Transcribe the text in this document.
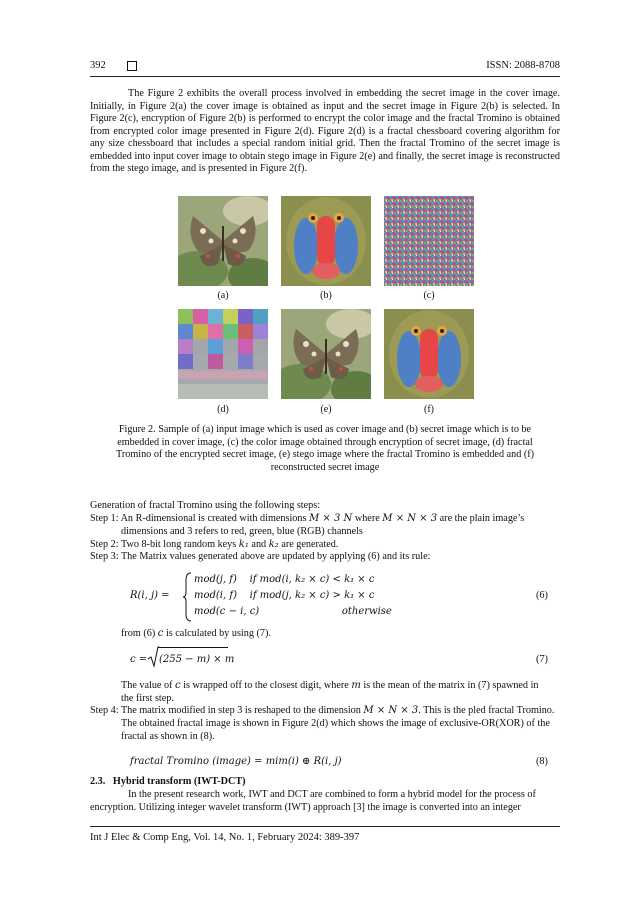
392	ISSN: 2088-8708

The Figure 2 exhibits the overall process involved in embedding the secret image in the cover image. Initially, in Figure 2(a) the cover image is obtained as input and the secret image in Figure 2(b) is selected. In Figure 2(c), encryption of Figure 2(b) is performed to encrypt the color image and the fractal Tromino is obtained from encrypted color image presented in Figure 2(d). Figure 2(d) is a fractal chessboard covering algorithm for any size chessboard that includes a special random initial grid. Then the fractal Tromino of the secret image is embedded into input cover image to obtain stego image in Figure 2(e) and finally, the secret image is reconstructed from the stego image, and is presented in Figure 2(f).

(a)	(b)	(c)
(d)	(e)	(f)
Figure 2. Sample of (a) input image which is used as cover image and (b) secret image which is to be
embedded in cover image, (c) the color image obtained through encryption of secret image, (d) fractal
Tromino of the encrypted secret image, (e) stego image where the fractal Tromino is embedded and (f)
reconstructed secret image
Generation of fractal Tromino using the following steps:
Step 1: An R-dimensional is created with dimensions M × 3 N where M × N × 3 are the plain image’s
dimensions and 3 refers to red, green, blue (RGB) channels
Step 2: Two 8-bit long random keys k₁ and k₂ are generated.
Step 3: The Matrix values generated above are updated by applying (6) and its rule:
R(i, j) =
mod(j, f)    if mod(i, k₂ × c) < k₁ × c
mod(i, f)    if mod(j, k₂ × c) > k₁ × c
mod(c − i, c)                          otherwise
(6)
from (6) c is calculated by using (7).
c = (255 − m) × m	(7)
The value of c is wrapped off to the closest digit, where m is the mean of the matrix in (7) spawned in
the first step.
Step 4: The matrix modified in step 3 is reshaped to the dimension M × N × 3. This is the pled fractal Tromino.
The obtained fractal image is shown in Figure 2(d) which shows the image of exclusive-OR(XOR) of the
fractal as shown in (8).
fractal Tromino (image) = mim(i) ⊕ R(i, j)	(8)
2.3.   Hybrid transform (IWT-DCT)
In the present research work, IWT and DCT are combined to form a hybrid model for the process of
encryption. Utilizing integer wavelet transform (IWT) approach [3] the image is converted into an integer
Int J Elec & Comp Eng, Vol. 14, No. 1, February 2024: 389-397
